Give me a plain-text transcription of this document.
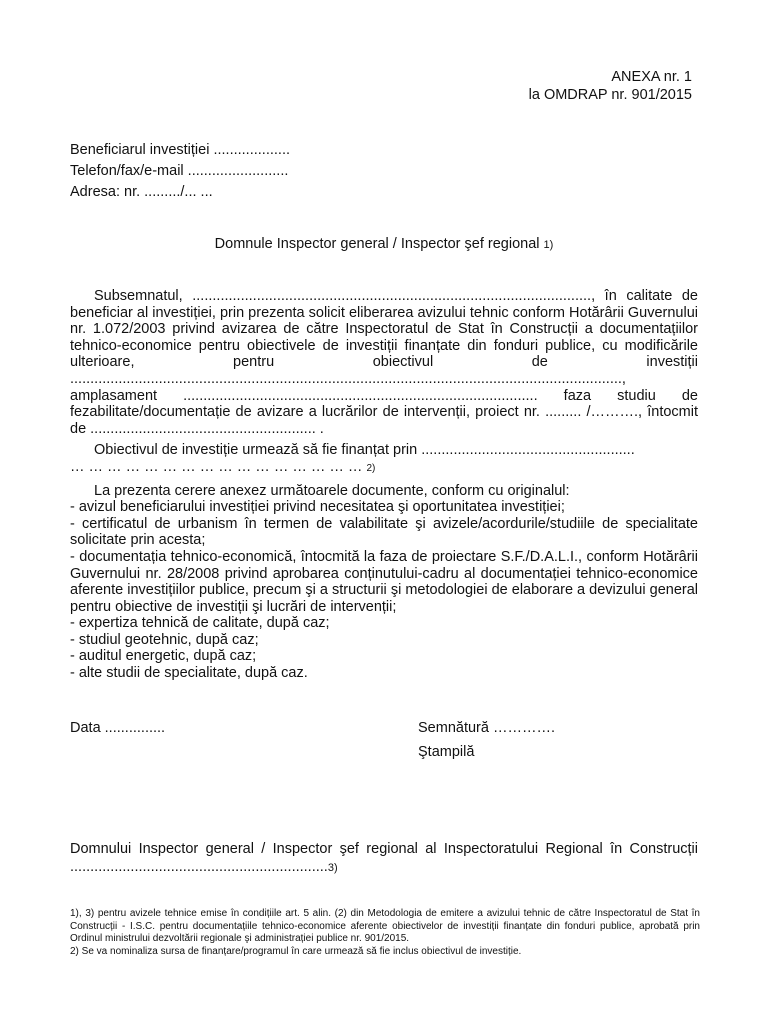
ANEXA nr. 1
la OMDRAP nr. 901/2015
Beneficiarul investiției ...................
Telefon/fax/e-mail .........................
Adresa: nr. ........./... ...
Domnule Inspector general / Inspector şef regional 1)

Subsemnatul, ..................................................................................................., în calitate de beneficiar al investiției, prin prezenta solicit eliberarea avizului tehnic conform Hotărârii Guvernului nr. 1.072/2003 privind avizarea de către Inspectoratul de Stat în Construcții a documentațiilor tehnico-economice pentru obiectivele de investiții finanțate din fonduri publice, cu modificările ulterioare, pentru obiectivul de investiții ........................................................................................................................................., amplasament ........................................................................................ faza studiu de fezabilitate/documentație de avizare a lucrărilor de intervenții, proiect nr. ......... /………., întocmit de ........................................................ .

Obiectivul de investiție urmează să fie finanțat prin .....................................................

… … … … … … … … … … … … … … … … 2)

La prezenta cerere anexez următoarele documente, conform cu originalul:

- avizul beneficiarului investiției privind necesitatea şi oportunitatea investiției;

- certificatul de urbanism în termen de valabilitate şi avizele/acordurile/studiile de specialitate solicitate prin acesta;

- documentația tehnico-economică, întocmită la faza de proiectare S.F./D.A.L.I., conform Hotărârii Guvernului nr. 28/2008 privind aprobarea conținutului-cadru al documentației tehnico-economice aferente investițiilor publice, precum şi a structurii şi metodologiei de elaborare a devizului general pentru obiective de investiții şi lucrări de intervenții;

- expertiza tehnică de calitate, după caz;

- studiul geotehnic, după caz;

- auditul energetic, după caz;

- alte studii de specialitate, după caz.

Data ...............	Semnătură ………….
Ştampilă
Domnului Inspector general / Inspector şef regional al Inspectoratului Regional în Construcții ................................................................3)

1), 3) pentru avizele tehnice emise în condițiile art. 5 alin. (2) din Metodologia de emitere a avizului tehnic de către Inspectoratul de Stat în Construcții - I.S.C. pentru documentațiile tehnico-economice aferente obiectivelor de investiții finanțate din fonduri publice, aprobată prin Ordinul ministrului dezvoltării regionale şi administrației publice nr. 901/2015.

2) Se va nominaliza sursa de finanțare/programul în care urmează să fie inclus obiectivul de investiție.
